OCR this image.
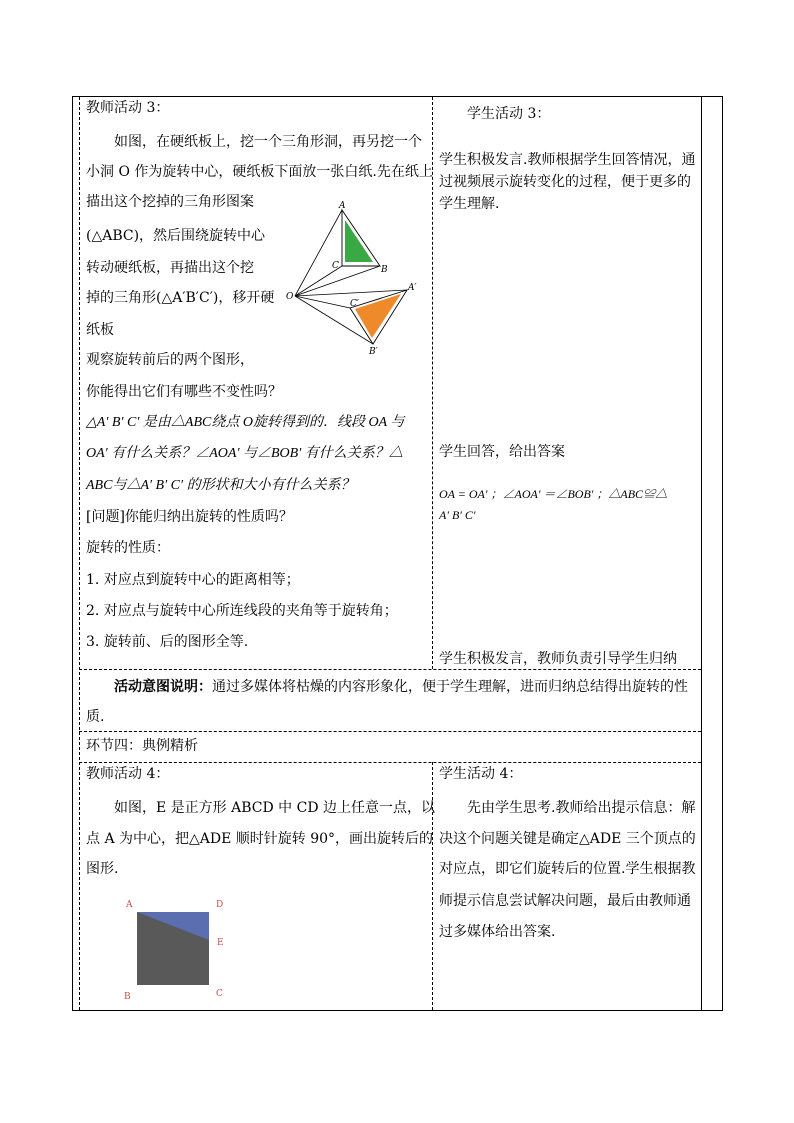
教师活动 3：
如图，在硬纸板上，挖一个三角形洞，再另挖一个
小洞 O 作为旋转中心，硬纸板下面放一张白纸.先在纸上
描出这个挖掉的三角形图案
(△ABC)，然后围绕旋转中心
转动硬纸板，再描出这个挖
掉的三角形(△A′B′C′)，移开硬
纸板
观察旋转前后的两个图形，
你能得出它们有哪些不变性吗？
△A′ B′ C′ 是由△ABC绕点 O旋转得到的．线段 OA 与
OA′ 有什么关系？∠AOA′ 与∠BOB′ 有什么关系？△
ABC与△A′ B′ C′ 的形状和大小有什么关系？
[问题]你能归纳出旋转的性质吗？
旋转的性质：
1. 对应点到旋转中心的距离相等；
2. 对应点与旋转中心所连线段的夹角等于旋转角；
3. 旋转前、后的图形全等.
A
B
C
O
A′
B′
C′
学生活动 3：
学生积极发言.教师根据学生回答情况，通
过视频展示旋转变化的过程，便于更多的
学生理解.
学生回答，给出答案
OA = OA′ ；∠AOA′ ＝∠BOB′ ；△ABC≌△
A′ B′ C′
学生积极发言，教师负责引导学生归纳
活动意图说明： 通过多媒体将枯燥的内容形象化，便于学生理解，进而归纳总结得出旋转的性
质.
环节四：典例精析
教师活动 4：
如图，E 是正方形 ABCD 中 CD 边上任意一点，以
点 A 为中心，把△ADE 顺时针旋转 90°，画出旋转后的
图形.
A	D
E
B	C
学生活动 4：
先由学生思考.教师给出提示信息：解
决这个问题关键是确定△ADE 三个顶点的
对应点，即它们旋转后的位置.学生根据教
师提示信息尝试解决问题，最后由教师通
过多媒体给出答案.
